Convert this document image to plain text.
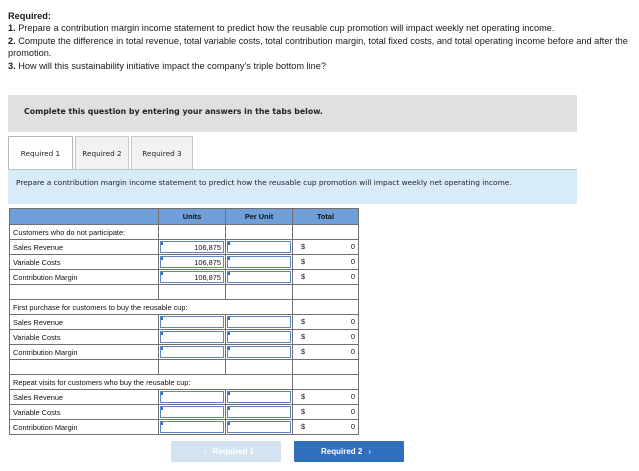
Required:
1. Prepare a contribution margin income statement to predict how the reusable cup promotion will impact weekly net operating income.
2. Compute the difference in total revenue, total variable costs, total contribution margin, total fixed costs, and total operating income before and after the promotion.
3. How will this sustainability initiative impact the company’s triple bottom line?
Complete this question by entering your answers in the tabs below.
Required 1	Required 2	Required 3
Prepare a contribution margin income statement to predict how the reusable cup promotion will impact weekly net operating income.
	Units	Per Unit	Total
Customers who do not participate:			
Sales Revenue	106,875		$ 0

Variable Costs	106,875		$ 0

Contribution Margin	106,875		$ 0

First purchase for customers to buy the reusable cup:			
Sales Revenue			$ 0

Variable Costs			$ 0

Contribution Margin			$ 0

Repeat visits for customers who buy the reusable cup:			
Sales Revenue			$ 0

Variable Costs			$ 0

Contribution Margin			$ 0
‹ Required 1	Required 2 ›
